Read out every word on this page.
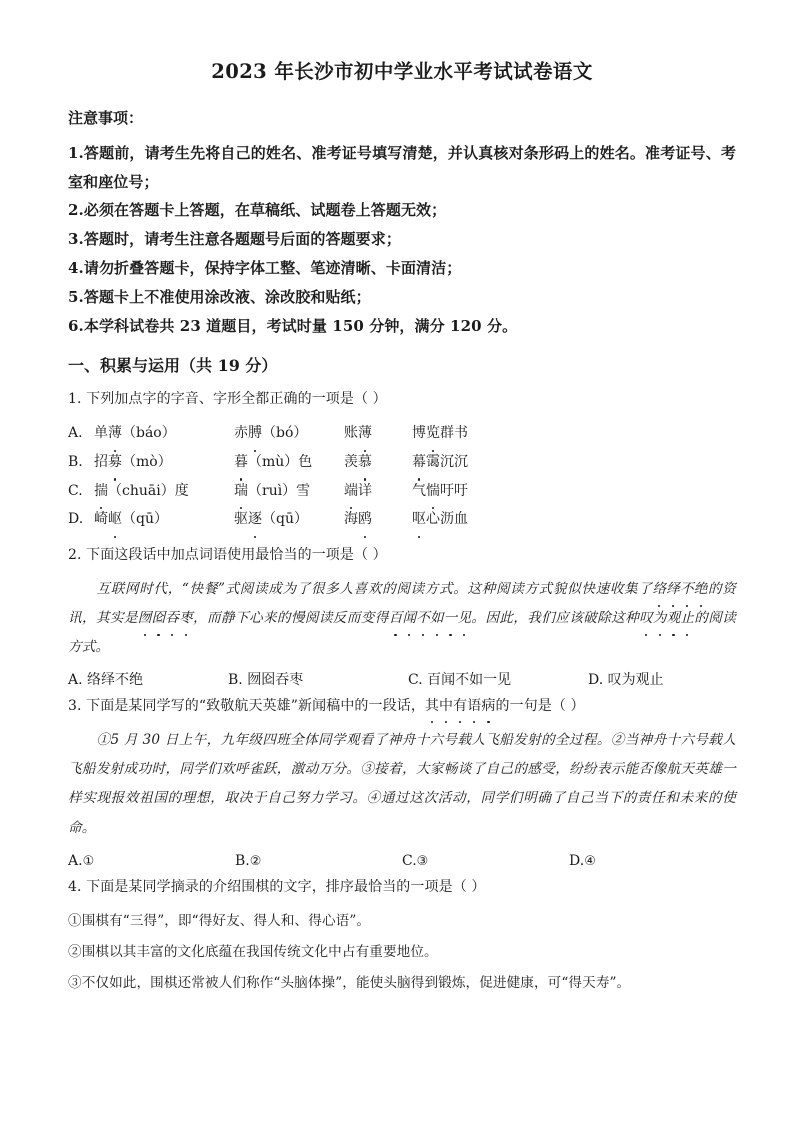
2023 年长沙市初中学业水平考试试卷语文
注意事项：
1.答题前，请考生先将自己的姓名、准考证号填写清楚，并认真核对条形码上的姓名。准考证号、考室和座位号；
2.必须在答题卡上答题，在草稿纸、试题卷上答题无效；
3.答题时，请考生注意各题题号后面的答题要求；
4.请勿折叠答题卡，保持字体工整、笔迹清晰、卡面清洁；
5.答题卡上不准使用涂改液、涂改胶和贴纸；
6.本学科试卷共 23 道题目，考试时量 150 分钟，满分 120 分。
一、积累与运用（共 19 分）
1. 下列加点字的字音、字形全都正确的一项是（ ）
A. 单薄（báo）	赤膊（bó）	账薄	博览群书
B. 招募（mò）	暮（mù）色 羡慕	幕霭沉沉
C. 揣（chuāi）度	瑞（ruì）雪 端详	气惴吁吁
D. 崎岖（qū）	驱逐（qū）	海鸥	呕心沥血
2. 下面这段话中加点词语使用最恰当的一项是（ ）
互联网时代，“快餐”式阅读成为了很多人喜欢的阅读方式。这种阅读方式貌似快速收集了络绎不绝的资讯，其实是囫囵吞枣，而静下心来的慢阅读反而变得百闻不如一见。因此，我们应该破除这种叹为观止的阅读方式。
A. 络绎不绝	B. 囫囵吞枣	C. 百闻不如一见	D. 叹为观止
3. 下面是某同学写的“致敬航天英雄”新闻稿中的一段话，其中有语病的一句是（ ）
①5 月 30 日上午，九年级四班全体同学观看了神舟十六号载人飞船发射的全过程。②当神舟十六号载人飞船发射成功时，同学们欢呼雀跃，激动万分。③接着，大家畅谈了自己的感受，纷纷表示能否像航天英雄一样实现报效祖国的理想，取决于自己努力学习。④通过这次活动，同学们明确了自己当下的责任和未来的使命。
A.①	B.②	C.③	D.④
4. 下面是某同学摘录的介绍围棋的文字，排序最恰当的一项是（ ）
①围棋有“三得”，即“得好友、得人和、得心语”。
②围棋以其丰富的文化底蕴在我国传统文化中占有重要地位。
③不仅如此，围棋还常被人们称作“头脑体操”，能使头脑得到锻炼，促进健康，可“得天寿”。
